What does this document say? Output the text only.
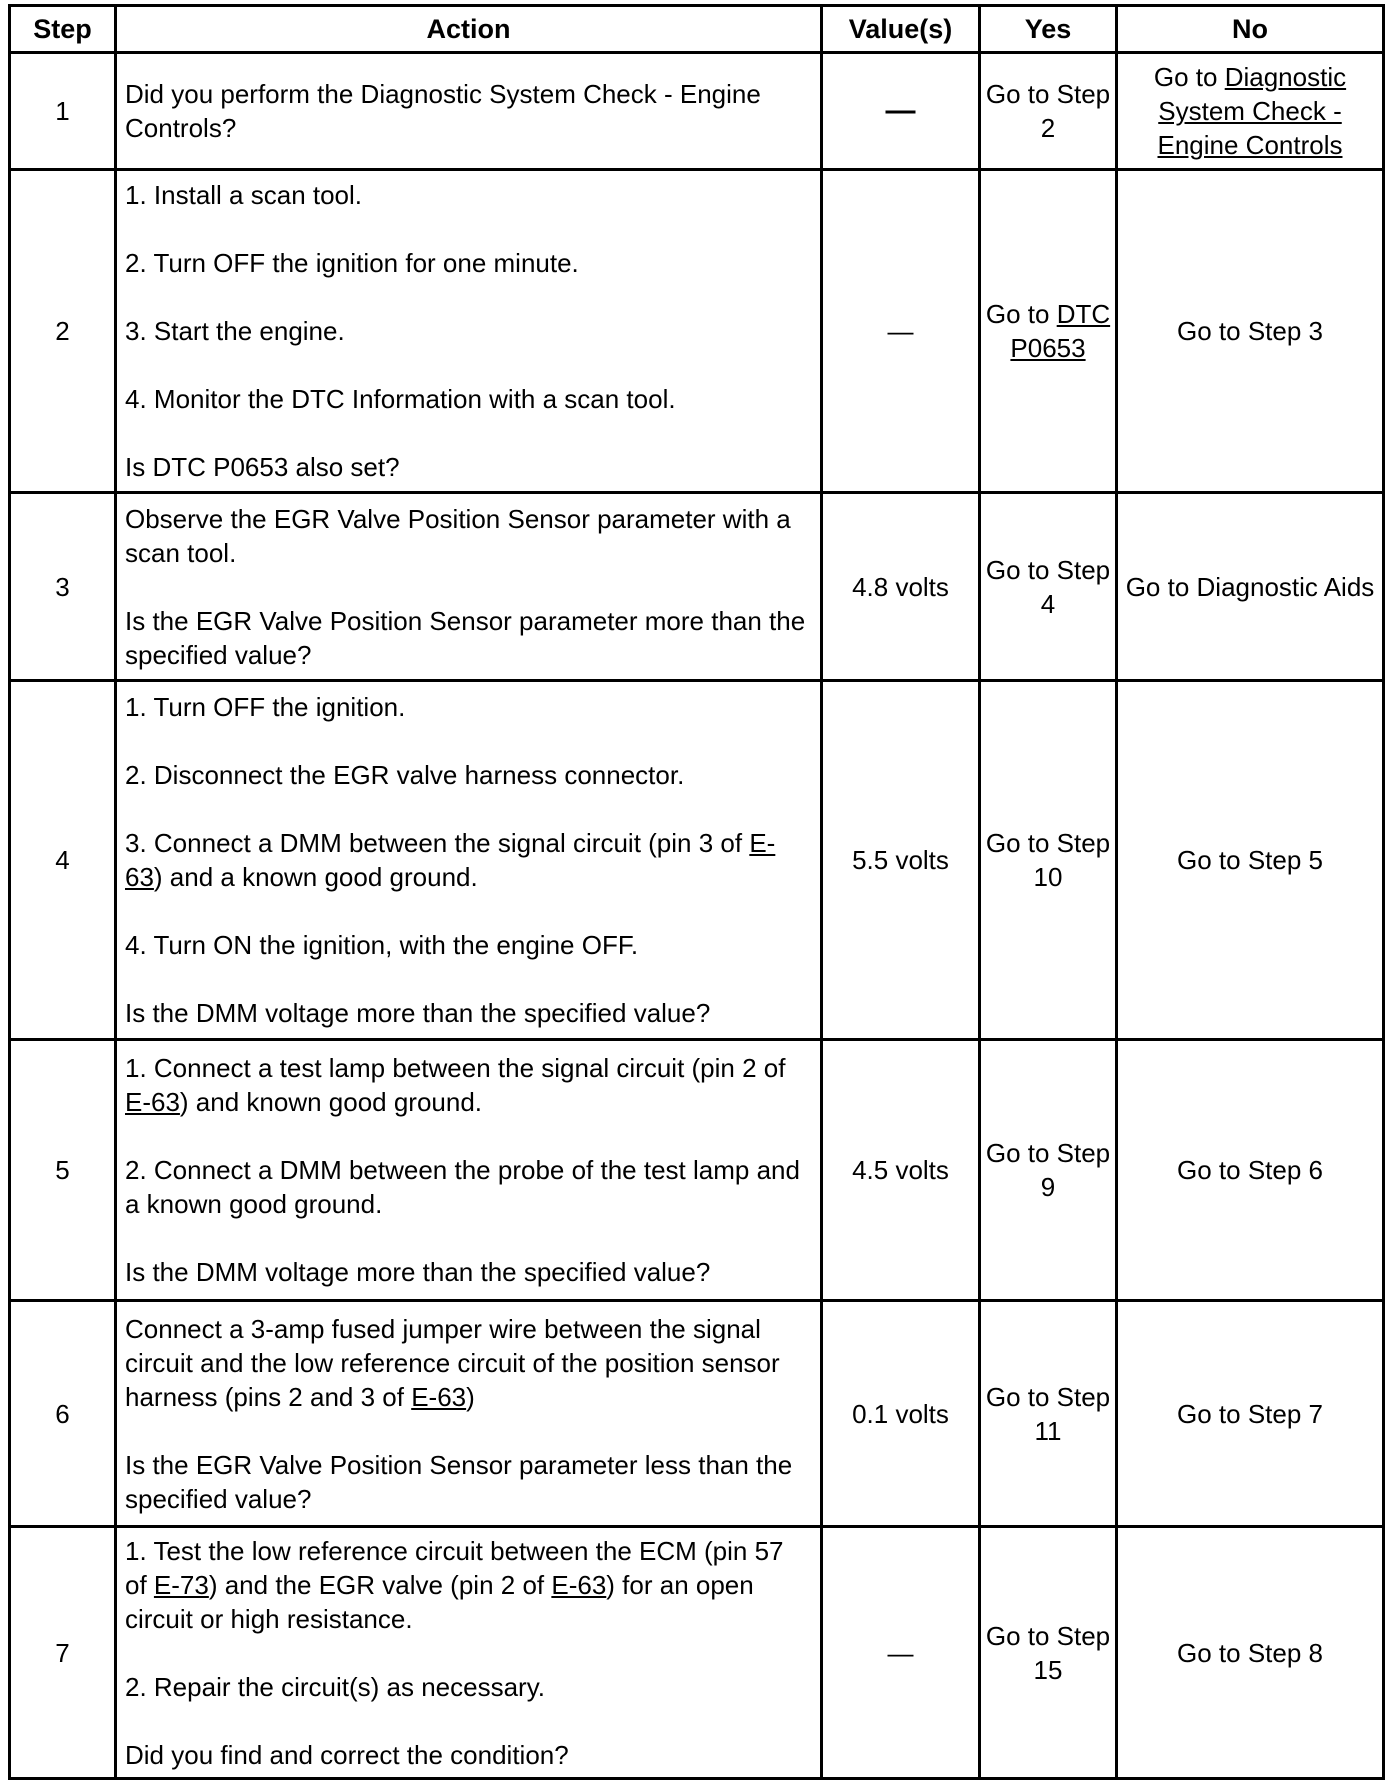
Step	Action	Value(s)	Yes	No
1	Did you perform the Diagnostic System Check - Engine Controls?	—	Go to Step 2	Go to Diagnostic System Check - Engine Controls
2	1. Install a scan tool.
2. Turn OFF the ignition for one minute.
3. Start the engine.
4. Monitor the DTC Information with a scan tool.
Is DTC P0653 also set?	—	Go to DTC P0653	Go to Step 3
3	Observe the EGR Valve Position Sensor parameter with a scan tool.
Is the EGR Valve Position Sensor parameter more than the specified value?	4.8 volts	Go to Step 4	Go to Diagnostic Aids
4	1. Turn OFF the ignition.
2. Disconnect the EGR valve harness connector.
3. Connect a DMM between the signal circuit (pin 3 of E-63) and a known good ground.
4. Turn ON the ignition, with the engine OFF.
Is the DMM voltage more than the specified value?	5.5 volts	Go to Step 10	Go to Step 5
5	1. Connect a test lamp between the signal circuit (pin 2 of E-63) and known good ground.
2. Connect a DMM between the probe of the test lamp and a known good ground.
Is the DMM voltage more than the specified value?	4.5 volts	Go to Step 9	Go to Step 6
6	Connect a 3-amp fused jumper wire between the signal circuit and the low reference circuit of the position sensor harness (pins 2 and 3 of E-63)
Is the EGR Valve Position Sensor parameter less than the specified value?	0.1 volts	Go to Step 11	Go to Step 7
7	1. Test the low reference circuit between the ECM (pin 57 of E-73) and the EGR valve (pin 2 of E-63) for an open circuit or high resistance.
2. Repair the circuit(s) as necessary.
Did you find and correct the condition?	—	Go to Step 15	Go to Step 8
